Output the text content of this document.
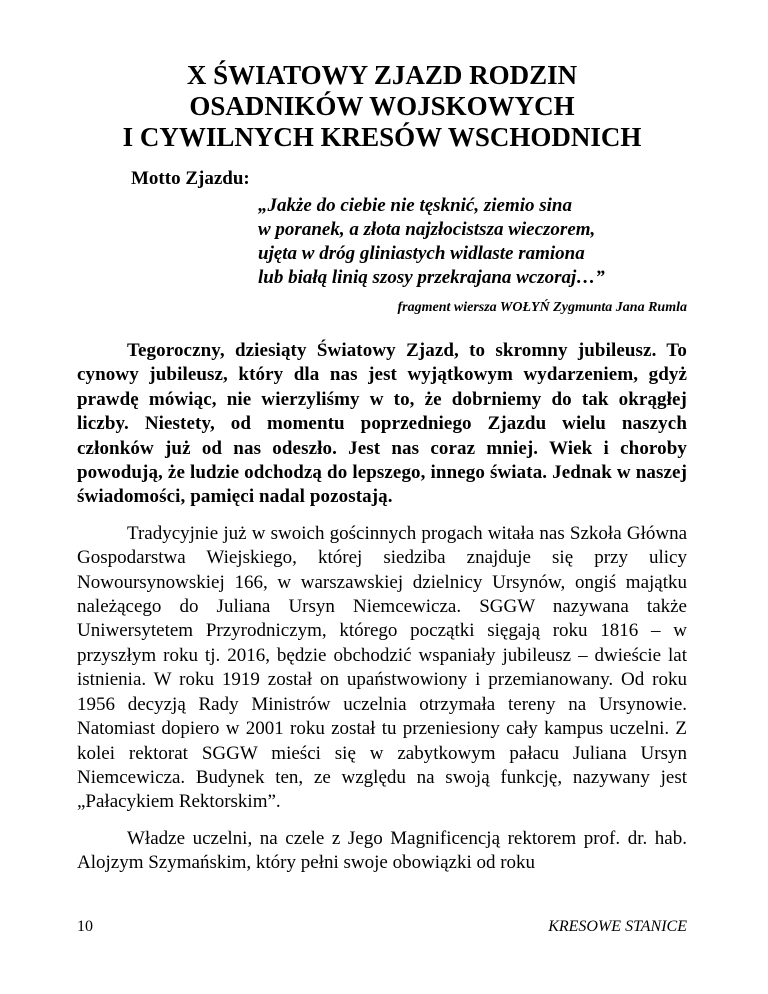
X ŚWIATOWY ZJAZD RODZIN
OSADNIKÓW WOJSKOWYCH
I CYWILNYCH KRESÓW WSCHODNICH
Motto Zjazdu:
„Jakże do ciebie nie tęsknić, ziemio sina
w poranek, a złota najzłocistsza wieczorem,
ujęta w dróg gliniastych widlaste ramiona
lub białą linią szosy przekrajana wczoraj…”
fragment wiersza WOŁYŃ Zygmunta Jana Rumla

Tegoroczny, dziesiąty Światowy Zjazd, to skromny jubileusz. To cynowy jubileusz, który dla nas jest wyjątkowym wydarzeniem, gdyż prawdę mówiąc, nie wierzyliśmy w to, że dobrniemy do tak okrągłej liczby. Niestety, od momentu poprzedniego Zjazdu wielu naszych członków już od nas odeszło. Jest nas coraz mniej. Wiek i choroby powodują, że ludzie odchodzą do lepszego, innego świata. Jednak w naszej świadomości, pamięci nadal pozostają.

Tradycyjnie już w swoich gościnnych progach witała nas Szkoła Główna Gospodarstwa Wiejskiego, której siedziba znajduje się przy ulicy Nowoursynowskiej 166, w warszawskiej dzielnicy Ursynów, ongiś majątku należącego do Juliana Ursyn Niemcewicza. SGGW nazywana także Uniwersytetem Przyrodniczym, którego początki sięgają roku 1816 – w przyszłym roku tj. 2016, będzie obchodzić wspaniały jubileusz – dwieście lat istnienia. W roku 1919 został on upaństwowiony i przemianowany. Od roku 1956 decyzją Rady Ministrów uczelnia otrzymała tereny na Ursynowie. Natomiast dopiero w 2001 roku został tu przeniesiony cały kampus uczelni. Z kolei rektorat SGGW mieści się w zabytkowym pałacu Juliana Ursyn Niemcewicza. Budynek ten, ze względu na swoją funkcję, nazywany jest „Pałacykiem Rektorskim”.

Władze uczelni, na czele z Jego Magnificencją rektorem prof. dr. hab. Alojzym Szymańskim, który pełni swoje obowiązki od roku

10	KRESOWE STANICE
